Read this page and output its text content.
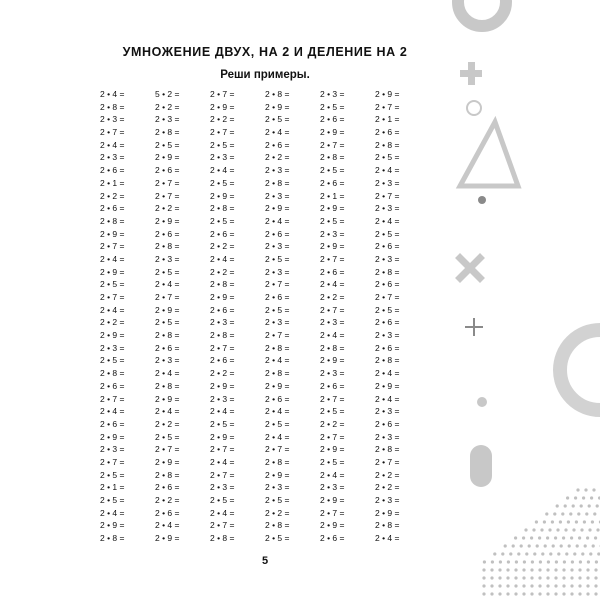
УМНОЖЕНИЕ ДВУХ, НА 2 И ДЕЛЕНИЕ НА 2
Реши примеры.
2 • 4 =
2 • 8 =
2 • 3 =
2 • 7 =
2 • 4 =
2 • 3 =
2 • 6 =
2 • 1 =
2 • 2 =
2 • 6 =
2 • 8 =
2 • 9 =
2 • 7 =
2 • 4 =
2 • 9 =
2 • 5 =
2 • 7 =
2 • 4 =
2 • 2 =
2 • 9 =
2 • 3 =
2 • 5 =
2 • 8 =
2 • 6 =
2 • 7 =
2 • 4 =
2 • 6 =
2 • 9 =
2 • 3 =
2 • 7 =
2 • 5 =
2 • 1 =
2 • 5 =
2 • 4 =
2 • 9 =
2 • 8 =
5 • 2 =
2 • 2 =
2 • 3 =
2 • 8 =
2 • 5 =
2 • 9 =
2 • 6 =
2 • 7 =
2 • 7 =
2 • 2 =
2 • 9 =
2 • 6 =
2 • 8 =
2 • 3 =
2 • 5 =
2 • 4 =
2 • 7 =
2 • 9 =
2 • 5 =
2 • 8 =
2 • 6 =
2 • 3 =
2 • 4 =
2 • 8 =
2 • 9 =
2 • 4 =
2 • 2 =
2 • 5 =
2 • 7 =
2 • 9 =
2 • 8 =
2 • 6 =
2 • 2 =
2 • 6 =
2 • 4 =
2 • 9 =
2 • 7 =
2 • 9 =
2 • 2 =
2 • 7 =
2 • 5 =
2 • 3 =
2 • 4 =
2 • 5 =
2 • 9 =
2 • 8 =
2 • 5 =
2 • 6 =
2 • 2 =
2 • 4 =
2 • 2 =
2 • 8 =
2 • 9 =
2 • 6 =
2 • 3 =
2 • 8 =
2 • 7 =
2 • 6 =
2 • 2 =
2 • 9 =
2 • 3 =
2 • 4 =
2 • 5 =
2 • 9 =
2 • 7 =
2 • 4 =
2 • 7 =
2 • 3 =
2 • 5 =
2 • 4 =
2 • 7 =
2 • 8 =
2 • 8 =
2 • 9 =
2 • 5 =
2 • 4 =
2 • 6 =
2 • 2 =
2 • 3 =
2 • 8 =
2 • 3 =
2 • 9 =
2 • 4 =
2 • 6 =
2 • 3 =
2 • 5 =
2 • 3 =
2 • 7 =
2 • 6 =
2 • 5 =
2 • 3 =
2 • 7 =
2 • 8 =
2 • 4 =
2 • 8 =
2 • 9 =
2 • 6 =
2 • 4 =
2 • 5 =
2 • 4 =
2 • 7 =
2 • 8 =
2 • 9 =
2 • 3 =
2 • 5 =
2 • 2 =
2 • 8 =
2 • 5 =
2 • 3 =
2 • 5 =
2 • 6 =
2 • 9 =
2 • 7 =
2 • 8 =
2 • 5 =
2 • 6 =
2 • 1 =
2 • 9 =
2 • 5 =
2 • 3 =
2 • 9 =
2 • 7 =
2 • 6 =
2 • 4 =
2 • 2 =
2 • 7 =
2 • 3 =
2 • 4 =
2 • 8 =
2 • 9 =
2 • 3 =
2 • 6 =
2 • 7 =
2 • 5 =
2 • 2 =
2 • 7 =
2 • 9 =
2 • 5 =
2 • 4 =
2 • 3 =
2 • 9 =
2 • 7 =
2 • 9 =
2 • 6 =
2 • 9 =
2 • 7 =
2 • 1 =
2 • 6 =
2 • 8 =
2 • 5 =
2 • 4 =
2 • 3 =
2 • 7 =
2 • 3 =
2 • 4 =
2 • 5 =
2 • 6 =
2 • 3 =
2 • 8 =
2 • 6 =
2 • 7 =
2 • 5 =
2 • 6 =
2 • 3 =
2 • 6 =
2 • 8 =
2 • 4 =
2 • 9 =
2 • 4 =
2 • 3 =
2 • 6 =
2 • 3 =
2 • 8 =
2 • 7 =
2 • 2 =
2 • 2 =
2 • 3 =
2 • 9 =
2 • 8 =
2 • 4 =
5
